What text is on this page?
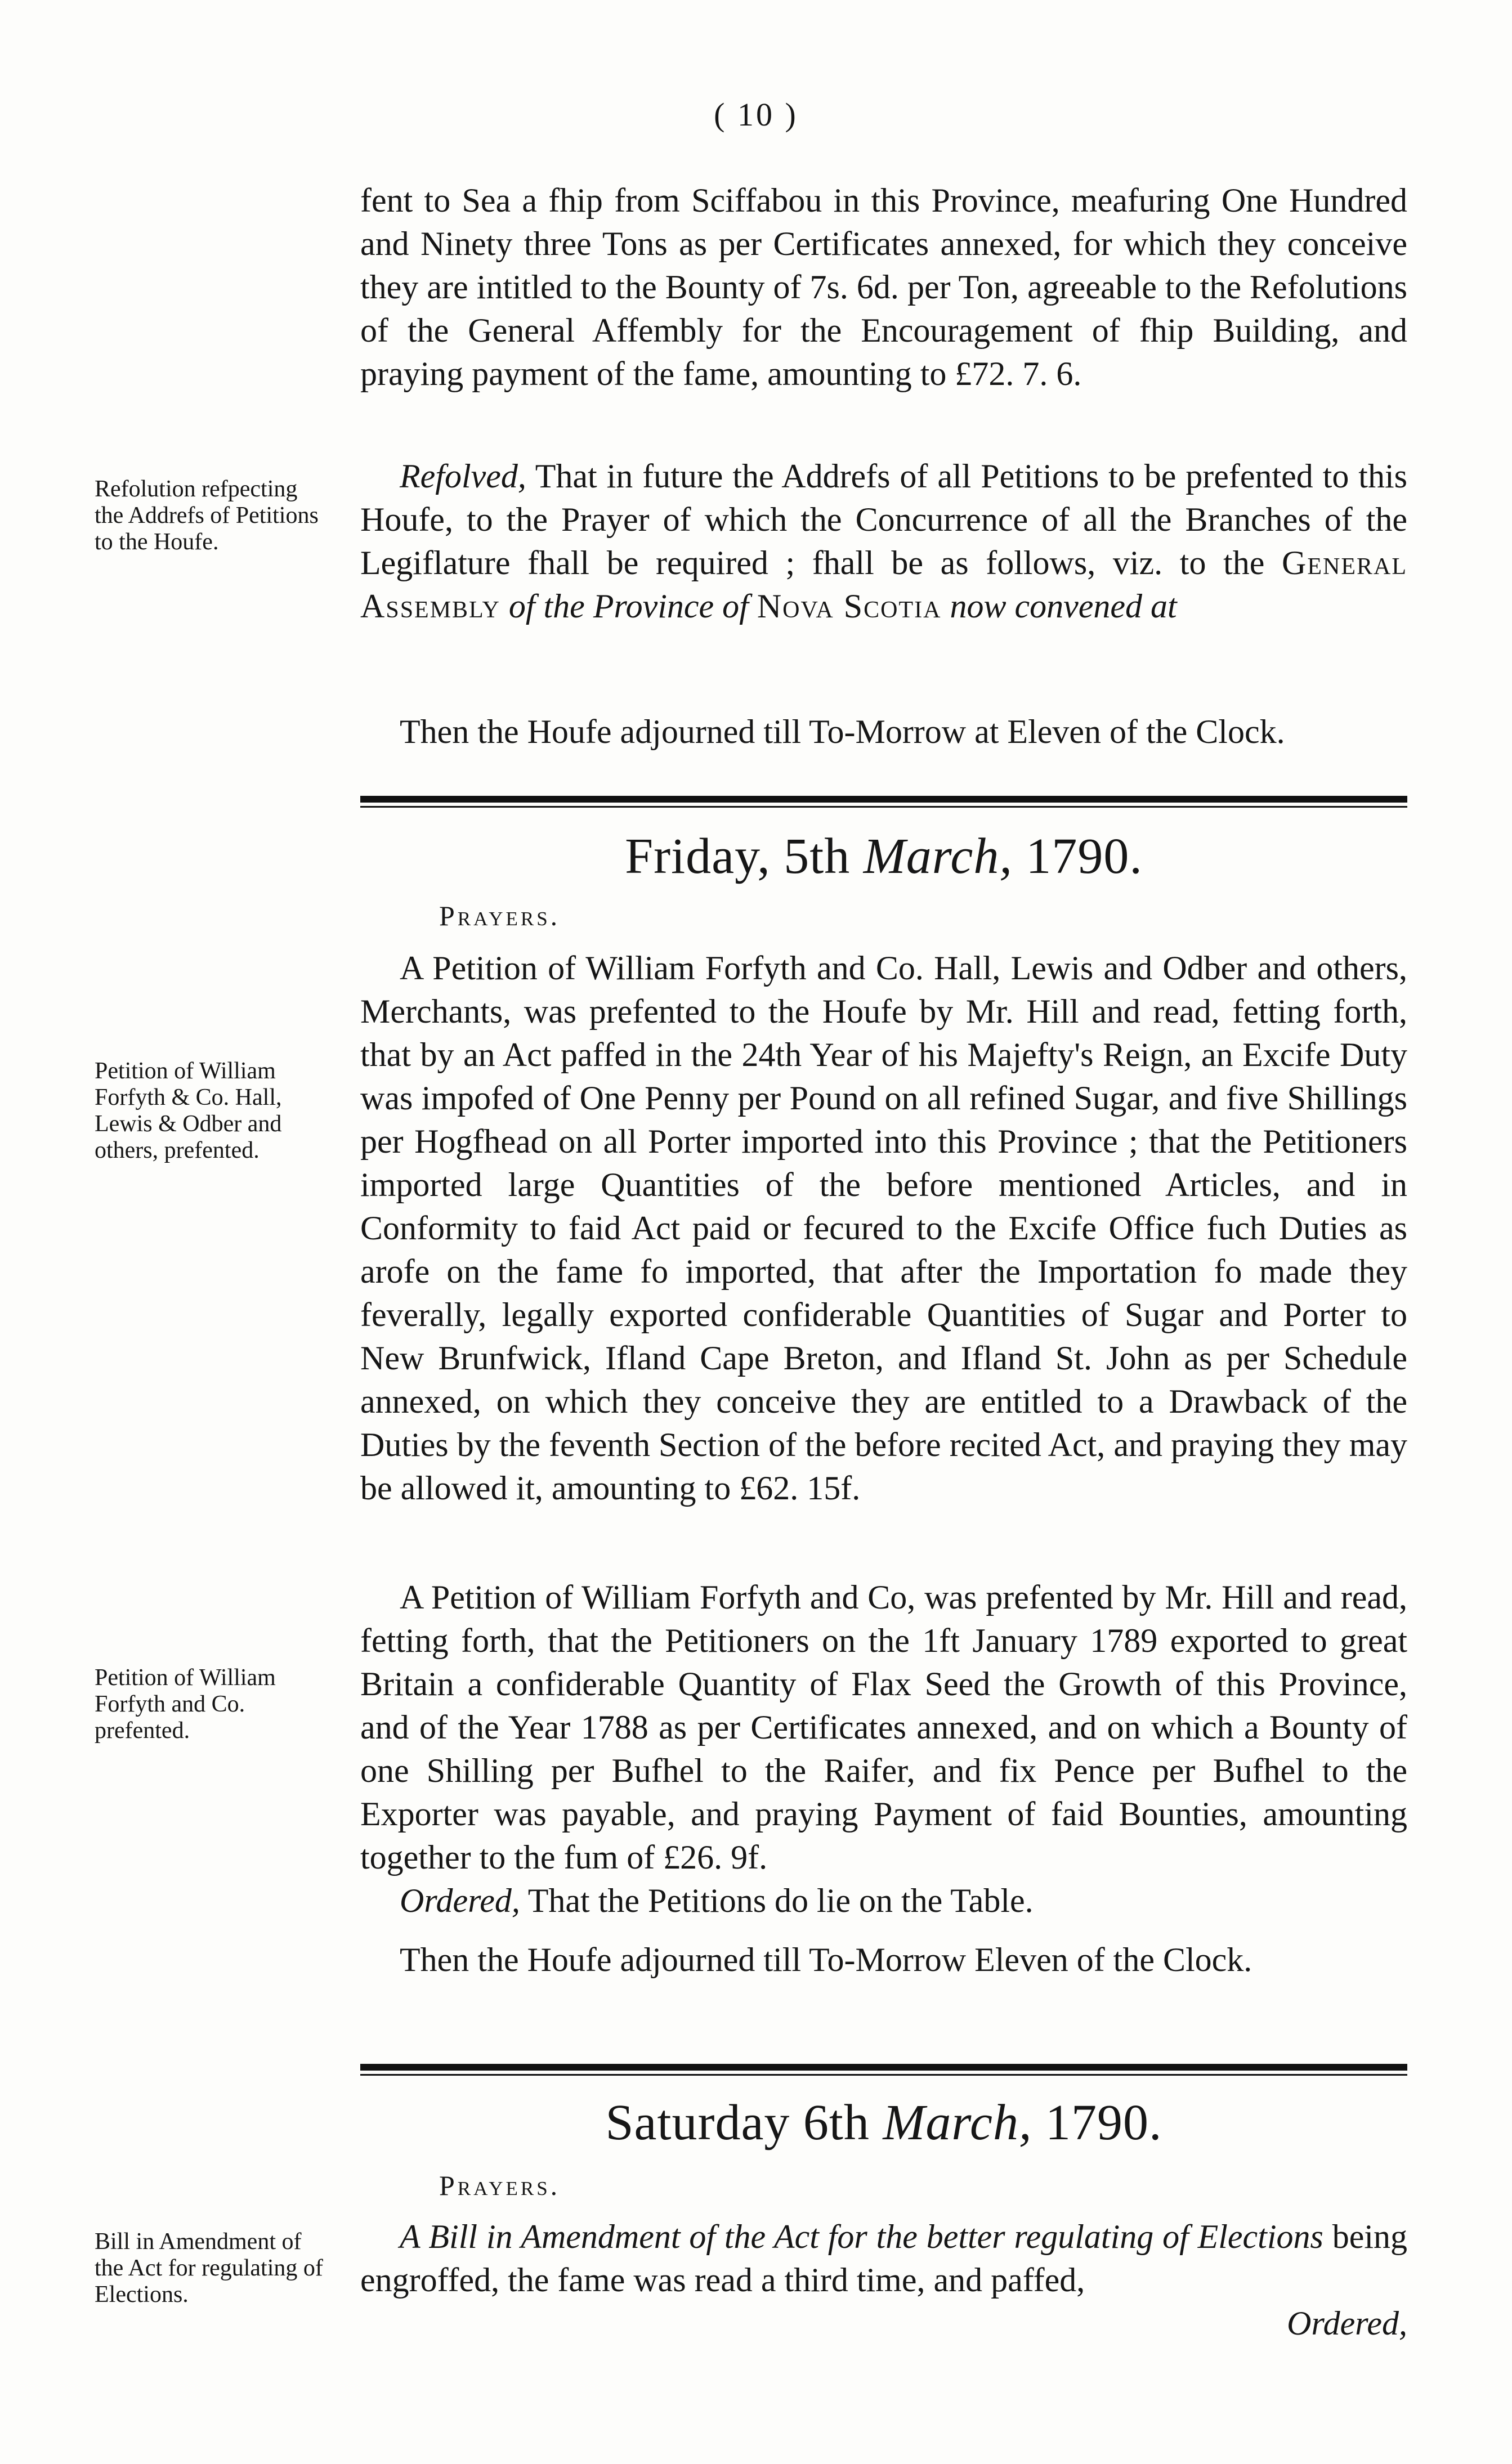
( 10 )

fent to Sea a fhip from Sciffabou in this Province, meafuring One Hundred and Ninety three Tons as per Certificates annexed, for which they conceive they are intitled to the Bounty of 7s. 6d. per Ton, agreeable to the Refolutions of the General Affembly for the Encouragement of fhip Building, and praying payment of the fame, amounting to £72. 7. 6.

Refolution refpecting the Addrefs of Petitions to the Houfe.

Refolved, That in future the Addrefs of all Petitions to be prefented to this Houfe, to the Prayer of which the Concurrence of all the Branches of the Legiflature fhall be required ; fhall be as follows, viz. to the General Assembly of the Province of Nova Scotia now convened at

Then the Houfe adjourned till To-Morrow at Eleven of the Clock.

Friday, 5th March, 1790.
Prayers.
Petition of William Forfyth & Co. Hall, Lewis & Odber and others, prefented.

A Petition of William Forfyth and Co. Hall, Lewis and Odber and others, Merchants, was prefented to the Houfe by Mr. Hill and read, fetting forth, that by an Act paffed in the 24th Year of his Majefty's Reign, an Excife Duty was impofed of One Penny per Pound on all refined Sugar, and five Shillings per Hogfhead on all Porter imported into this Province ; that the Petitioners imported large Quantities of the before mentioned Articles, and in Conformity to faid Act paid or fecured to the Excife Office fuch Duties as arofe on the fame fo imported, that after the Importation fo made they feverally, legally exported confiderable Quantities of Sugar and Porter to New Brunfwick, Ifland Cape Breton, and Ifland St. John as per Schedule annexed, on which they conceive they are entitled to a Drawback of the Duties by the feventh Section of the before recited Act, and praying they may be allowed it, amounting to £62. 15f.

Petition of William Forfyth and Co. prefented.

A Petition of William Forfyth and Co, was prefented by Mr. Hill and read, fetting forth, that the Petitioners on the 1ft January 1789 exported to great Britain a confiderable Quantity of Flax Seed the Growth of this Province, and of the Year 1788 as per Certificates annexed, and on which a Bounty of one Shilling per Bufhel to the Raifer, and fix Pence per Bufhel to the Exporter was payable, and praying Payment of faid Bounties, amounting together to the fum of £26. 9f.

Ordered, That the Petitions do lie on the Table.

Then the Houfe adjourned till To-Morrow Eleven of the Clock.

Saturday 6th March, 1790.
Prayers.
Bill in Amendment of the Act for regulating of Elections.

A Bill in Amendment of the Act for the better regulating of Elections being engroffed, the fame was read a third time, and paffed,

Ordered,
